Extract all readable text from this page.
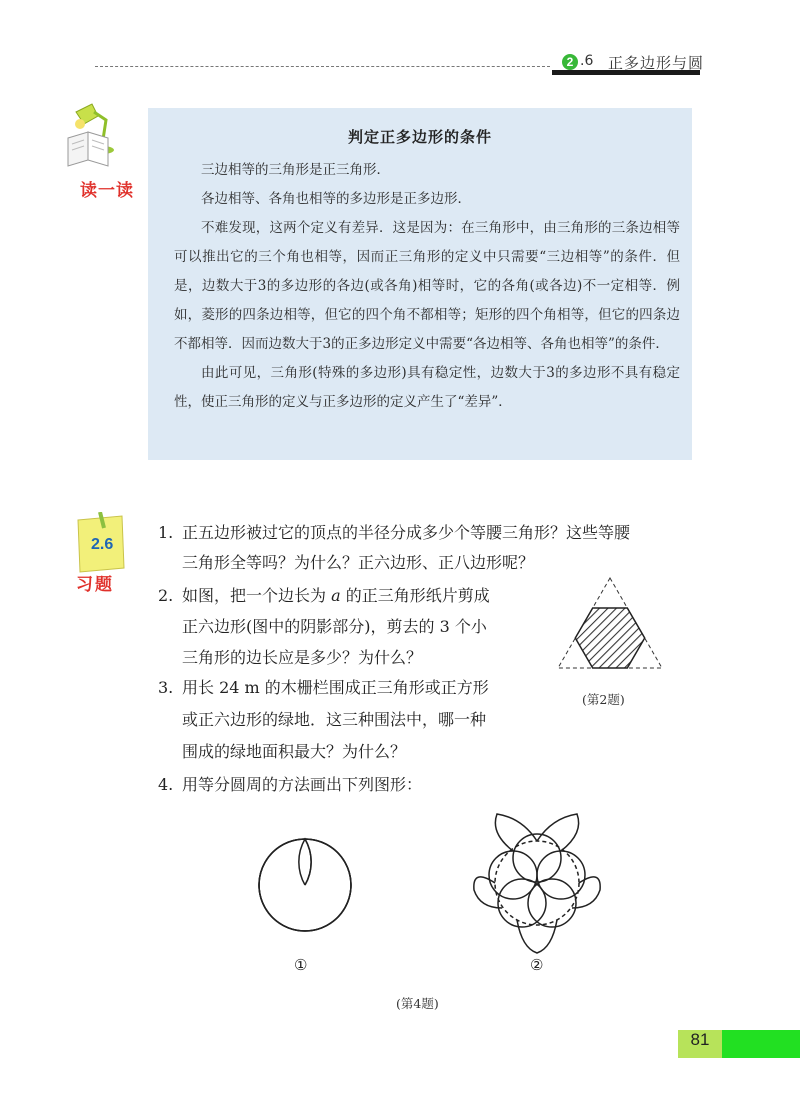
2 .6 正多边形与圆
读一读
判定正多边形的条件

三边相等的三角形是正三角形．

各边相等、各角也相等的多边形是正多边形．

不难发现，这两个定义有差异．这是因为：在三角形中，由三角形的三条边相等可以推出它的三个角也相等，因而正三角形的定义中只需要“三边相等”的条件．但是，边数大于3的多边形的各边(或各角)相等时，它的各角(或各边)不一定相等．例如，菱形的四条边相等，但它的四个角不都相等；矩形的四个角相等，但它的四条边不都相等．因而边数大于3的正多边形定义中需要“各边相等、各角也相等”的条件．

由此可见，三角形(特殊的多边形)具有稳定性，边数大于3的多边形不具有稳定性，使正三角形的定义与正多边形的定义产生了“差异”．

2.6
习题
1. 正五边形被过它的顶点的半径分成多少个等腰三角形？这些等腰
三角形全等吗？为什么？正六边形、正八边形呢？
2. 如图，把一个边长为 a 的正三角形纸片剪成
正六边形(图中的阴影部分)，剪去的 3 个小
三角形的边长应是多少？为什么？
(第2题)
3. 用长 24 m 的木栅栏围成正三角形或正方形
或正六边形的绿地．这三种围法中，哪一种
围成的绿地面积最大？为什么？
4. 用等分圆周的方法画出下列图形：
①	②
(第4题)
81
